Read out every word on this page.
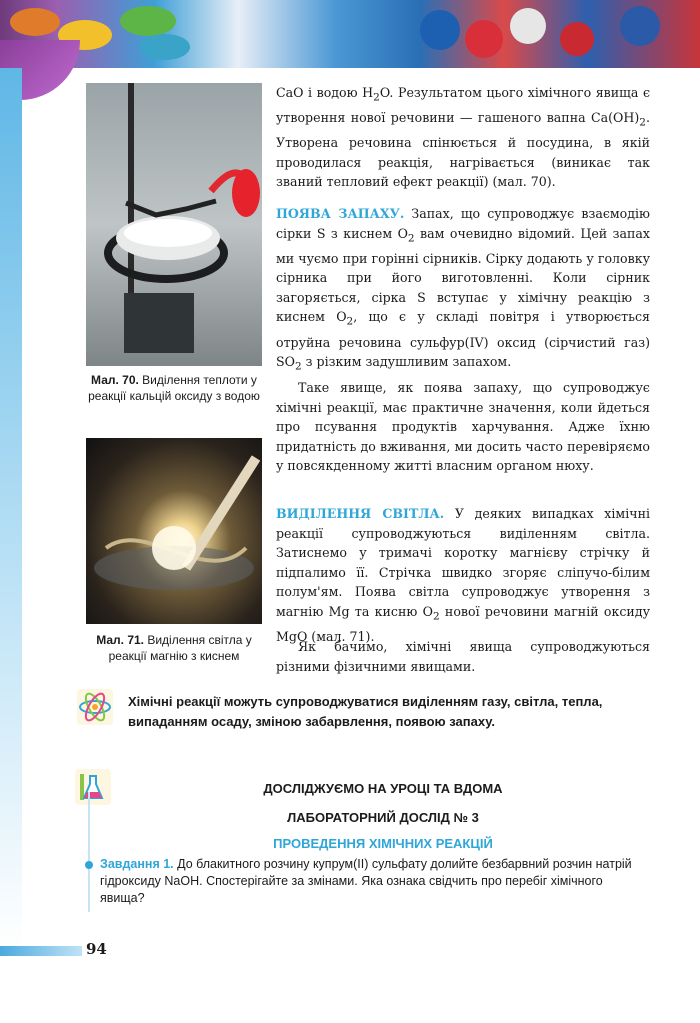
Мал. 70. Виділення теплоти у реакції кальцій оксиду з водою
Мал. 71. Виділення світла у реакції магнію з киснем

CaO і водою $H_2O$. Результатом цього хімічного явища є утворення нової речовини — гашеного вапна $Ca(OH)_2$. Утворена речовина спінюється й посудина, в якій проводилася реакція, нагрівається (виникає так званий тепловий ефект реакції) (мал. 70).

ПОЯВА ЗАПАХУ. Запах, що супроводжує взаємодію сірки S з киснем $O_2$ вам очевидно відомий. Цей запах ми чуємо при горінні сірників. Сірку додають у головку сірника при його виготовленні. Коли сірник загоряється, сірка S вступає у хімічну реакцію з киснем $O_2$, що є у складі повітря і утворюється отруйна речовина сульфур(IV) оксид (сірчистий газ) $SO_2$ з різким задушливим запахом.

Таке явище, як поява запаху, що супроводжує хімічні реакції, має практичне значення, коли йдеться про псування продуктів харчування. Адже їхню придатність до вживання, ми досить часто перевіряємо у повсякденному житті власним органом нюху.

ВИДІЛЕННЯ СВІТЛА. У деяких випадках хімічні реакції супроводжуються виділенням світла. Затиснемо у тримачі коротку магнієву стрічку й підпалимо її. Стрічка швидко згоряє сліпучо-білим полум'ям. Поява світла супроводжує утворення з магнію Mg та кисню $O_2$ нової речовини магній оксиду MgO (мал. 71).

Як бачимо, хімічні явища супроводжуються різними фізичними явищами.

Хімічні реакції можуть супроводжуватися виділенням газу, світла, тепла, випаданням осаду, зміною забарвлення, появою запаху.
ДОСЛІДЖУЄМО НА УРОЦІ ТА ВДОМА
ЛАБОРАТОРНИЙ ДОСЛІД № 3
ПРОВЕДЕННЯ ХІМІЧНИХ РЕАКЦІЙ
Завдання 1. До блакитного розчину купрум(II) сульфату долийте безбарвний розчин натрій гідроксиду NaOH. Спостерігайте за змінами. Яка ознака свідчить про перебіг хімічного явища?
94
